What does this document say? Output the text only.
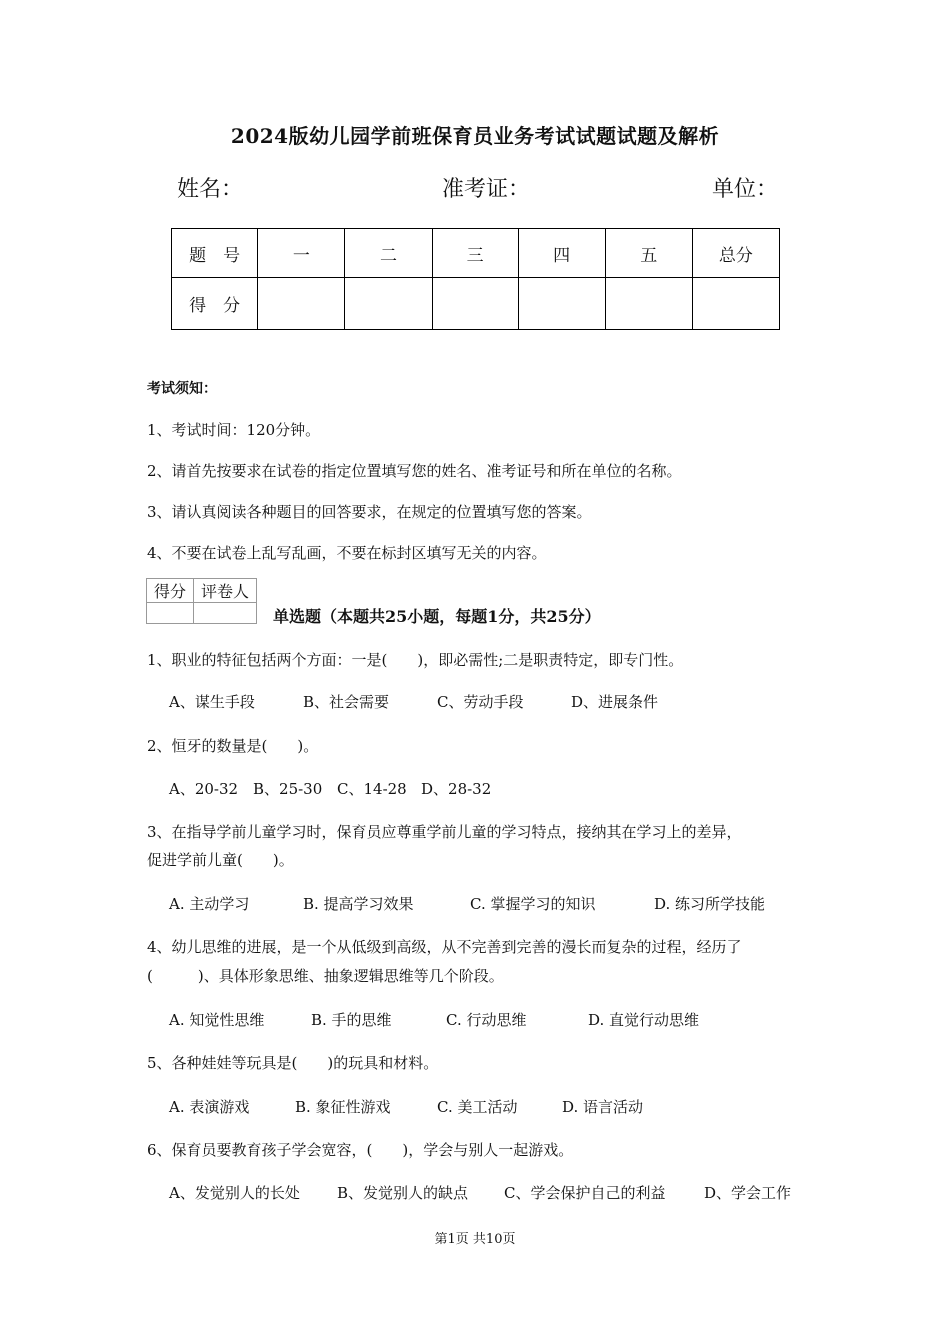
2024版幼儿园学前班保育员业务考试试题试题及解析
姓名：	准考证：	单位：
题　号	一	二	三	四	五	总分
得　分						
考试须知：
1、考试时间：120分钟。
2、请首先按要求在试卷的指定位置填写您的姓名、准考证号和所在单位的名称。
3、请认真阅读各种题目的回答要求，在规定的位置填写您的答案。
4、不要在试卷上乱写乱画，不要在标封区填写无关的内容。
得分	评卷人

单选题（本题共25小题，每题1分，共25分）
1、职业的特征包括两个方面：一是(　　)，即必需性;二是职责特定，即专门性。
A、谋生手段	B、社会需要	C、劳动手段	D、进展条件
2、恒牙的数量是(　　)。
A、20-32 B、25-30 C、14-28 D、28-32
3、在指导学前儿童学习时，保育员应尊重学前儿童的学习特点，接纳其在学习上的差异，
促进学前儿童(　　)。
A. 主动学习	B. 提高学习效果	C. 掌握学习的知识	D. 练习所学技能
4、幼儿思维的进展，是一个从低级到高级，从不完善到完善的漫长而复杂的过程，经历了
(　　　)、具体形象思维、抽象逻辑思维等几个阶段。
A. 知觉性思维	B. 手的思维	C. 行动思维	D. 直觉行动思维
5、各种娃娃等玩具是(　　)的玩具和材料。
A. 表演游戏	B. 象征性游戏	C. 美工活动	D. 语言活动
6、保育员要教育孩子学会宽容，(　　)，学会与别人一起游戏。
A、发觉别人的长处 B、发觉别人的缺点 C、学会保护自己的利益	D、学会工作
第1页 共10页
